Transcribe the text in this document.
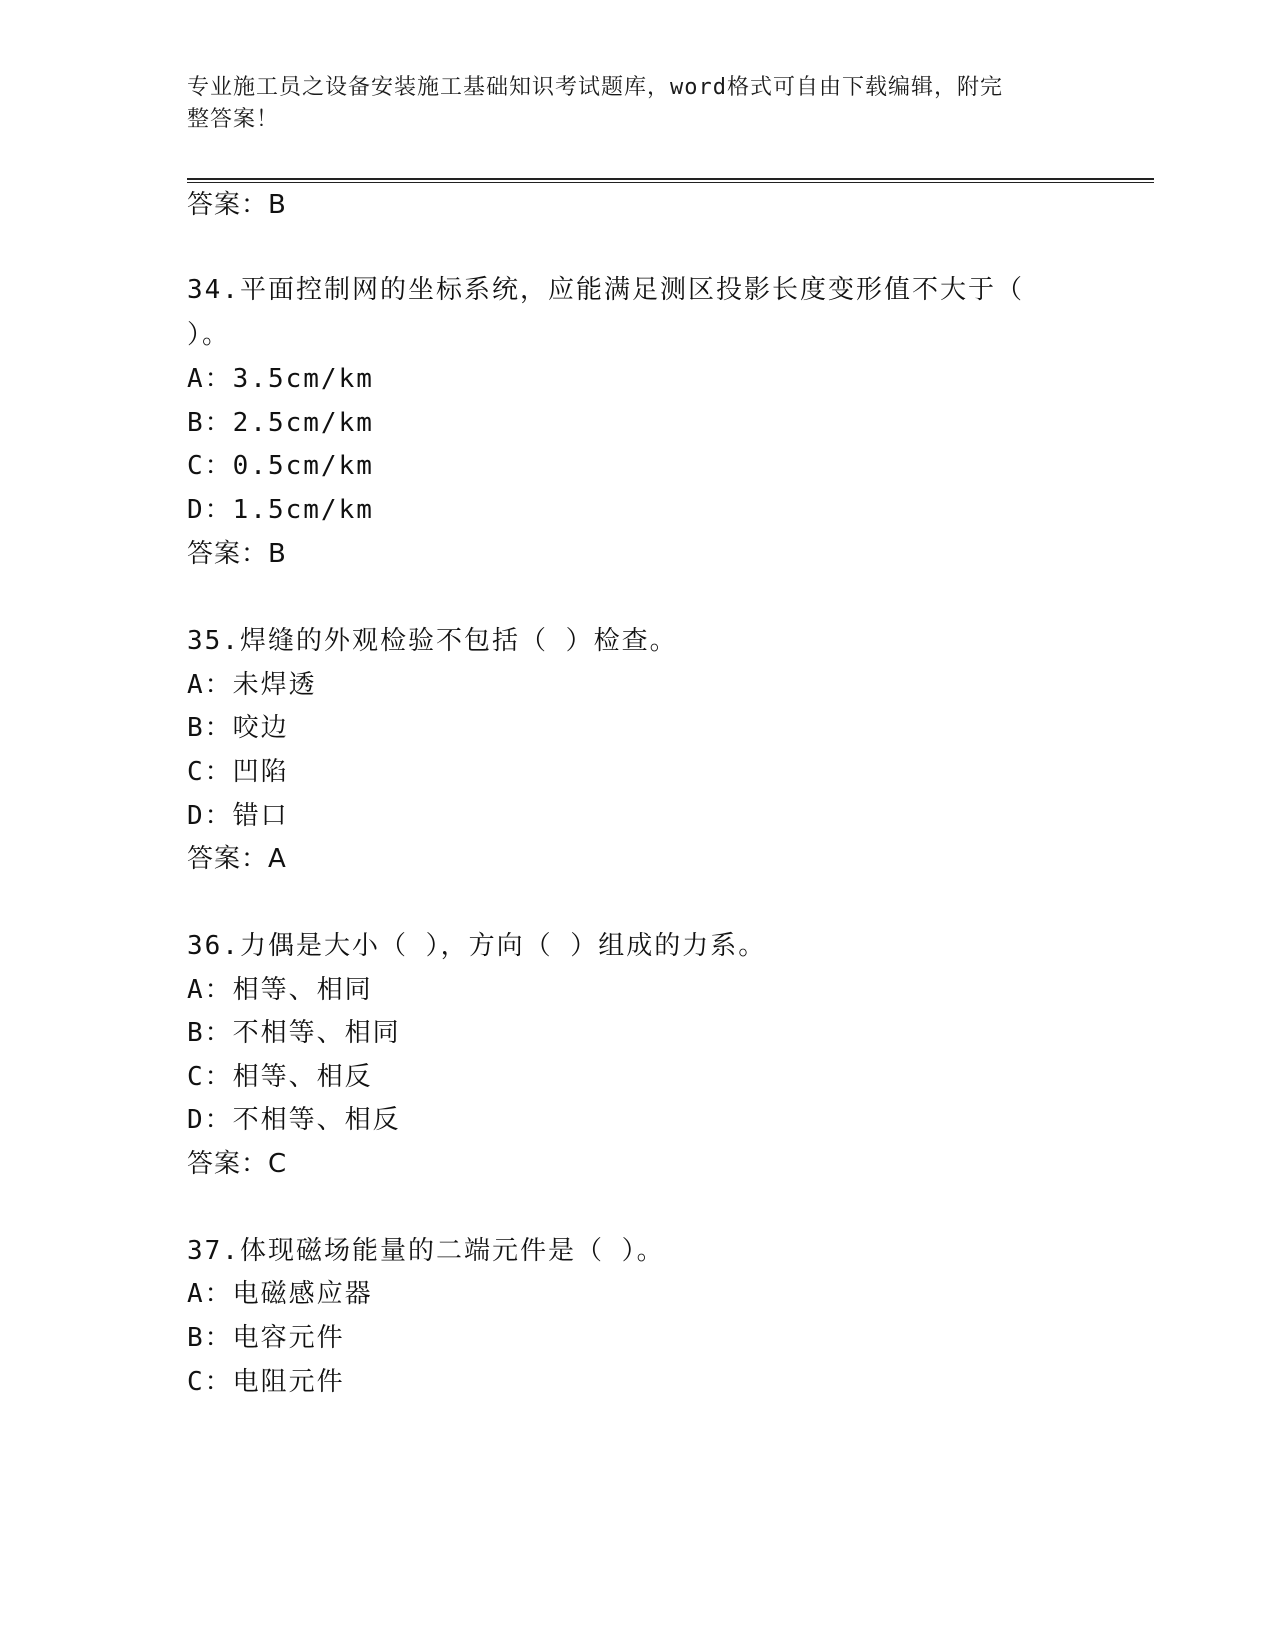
专业施工员之设备安装施工基础知识考试题库，word格式可自由下载编辑，附完
整答案！
答案：B
34.平面控制网的坐标系统，应能满足测区投影长度变形值不大于（
）。
A：3.5cm/km
B：2.5cm/km
C：0.5cm/km
D：1.5cm/km
答案：B
35.焊缝的外观检验不包括（ ）检查。
A：未焊透
B：咬边
C：凹陷
D：错口
答案：A
36.力偶是大小（ ），方向（ ）组成的力系。
A：相等、相同
B：不相等、相同
C：相等、相反
D：不相等、相反
答案：C
37.体现磁场能量的二端元件是（ ）。
A：电磁感应器
B：电容元件
C：电阻元件
